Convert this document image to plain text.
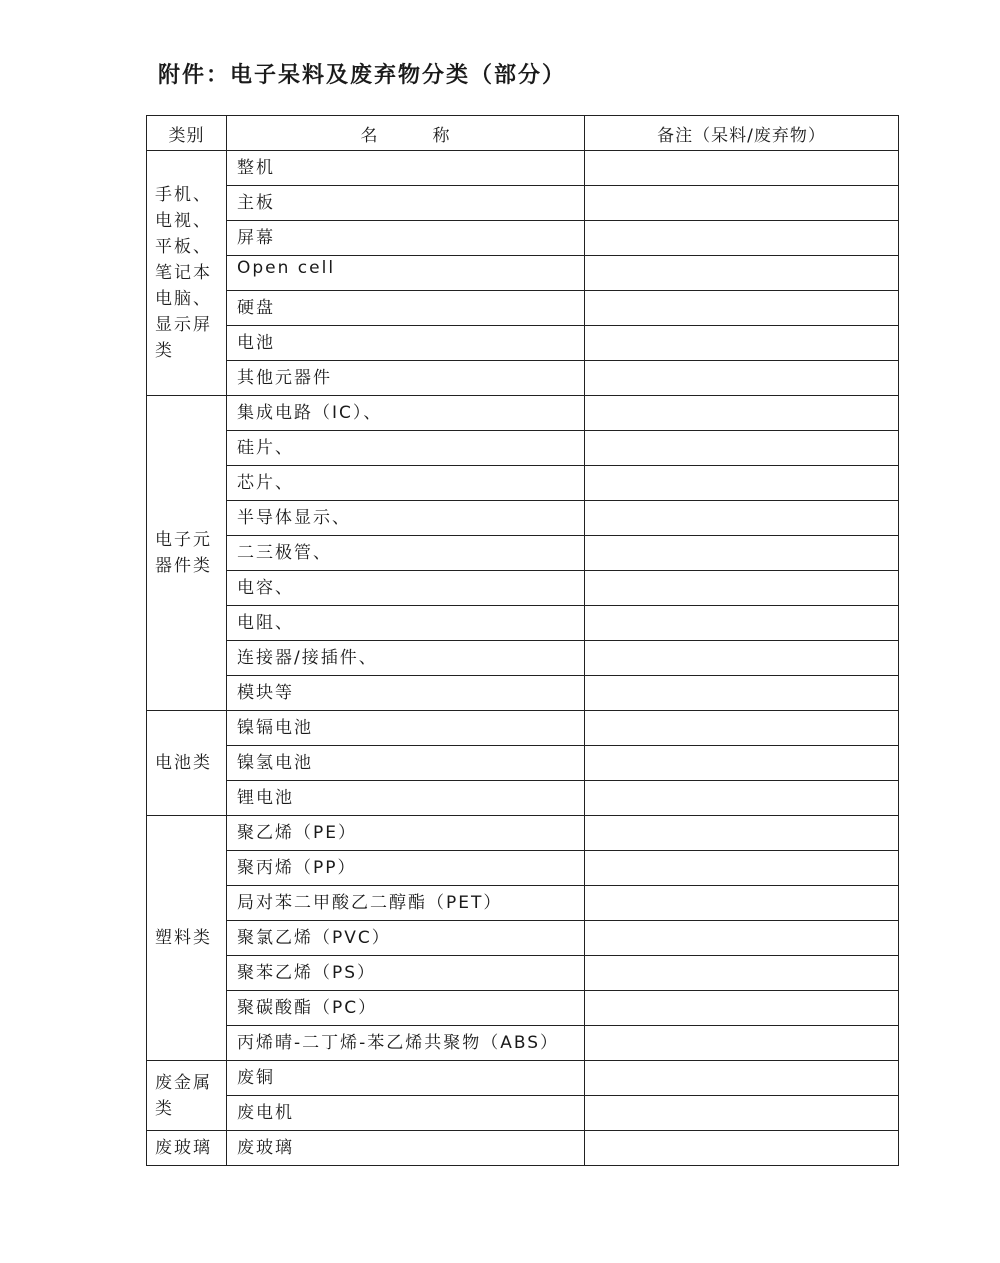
附件：电子呆料及废弃物分类（部分）
类别	名　　　称	备注（呆料/废弃物）
手机、电视、平板、笔记本电脑、显示屏类	整机	
	主板	
	屏幕	
	Open cell	
	硬盘	
	电池	
	其他元器件	
电子元器件类	集成电路（IC）、	
	硅片、	
	芯片、	
	半导体显示、	
	二三极管、	
	电容、	
	电阻、	
	连接器/接插件、	
	模块等	
电池类	镍镉电池	
	镍氢电池	
	锂电池	
塑料类	聚乙烯（PE）	
	聚丙烯（PP）	
	局对苯二甲酸乙二醇酯（PET）	
	聚氯乙烯（PVC）	
	聚苯乙烯（PS）	
	聚碳酸酯（PC）	
	丙烯晴-二丁烯-苯乙烯共聚物（ABS）	
废金属类	废铜	
	废电机	
废玻璃	废玻璃	
